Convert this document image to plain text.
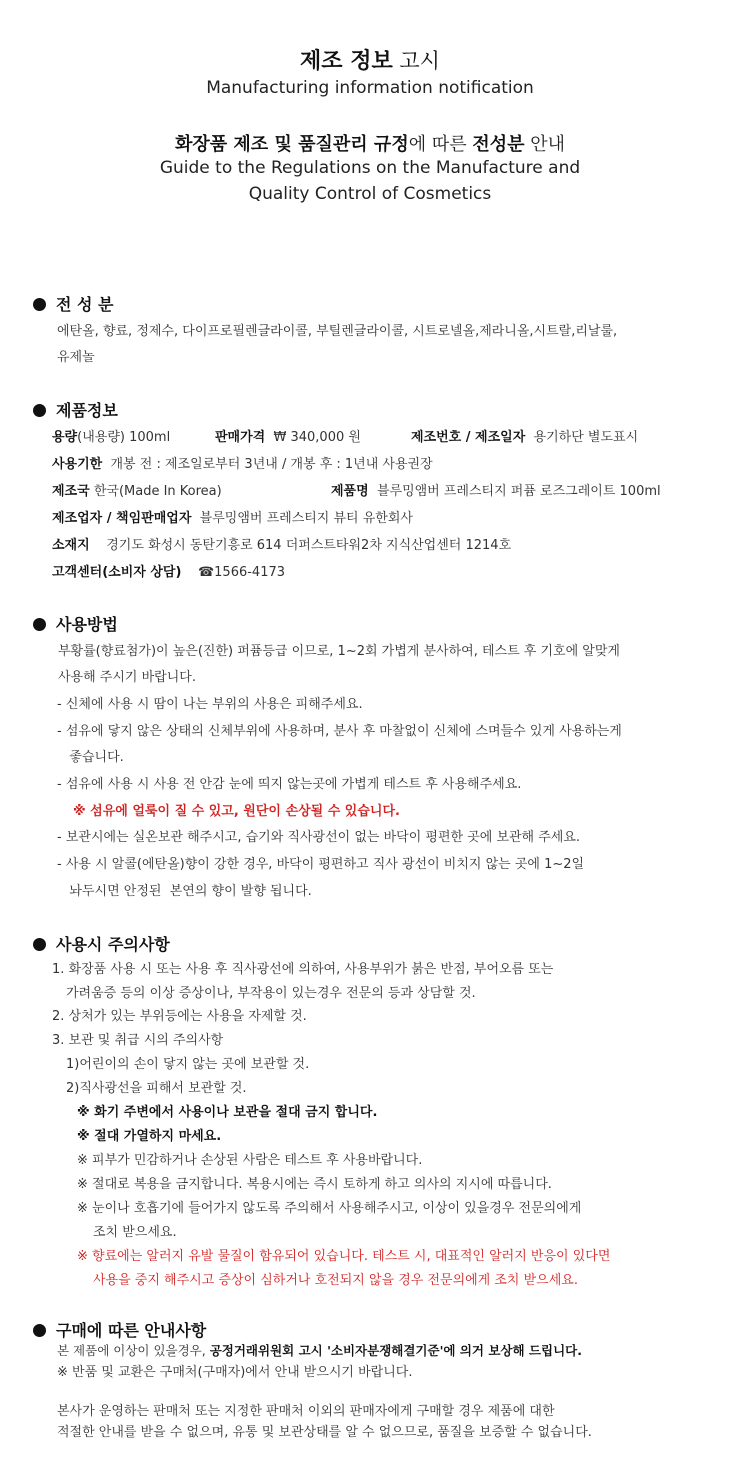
제조 정보 고시
Manufacturing information notification
화장품 제조 및 품질관리 규정에 따른 전성분 안내
Guide to the Regulations on the Manufacture and
Quality Control of Cosmetics
전 성 분
에탄올, 향료, 정제수, 다이프로필렌글라이콜, 부틸렌글라이콜, 시트로넬올,제라니올,시트랄,리날룰,
유제놀
제품정보
용량(내용량) 100ml	판매가격 ₩ 340,000 원	제조번호 / 제조일자 용기하단 별도표시
사용기한 개봉 전 : 제조일로부터 3년내 / 개봉 후 : 1년내 사용권장
제조국 한국(Made In Korea)	제품명 블루밍앰버 프레스티지 퍼퓸 로즈그레이트 100ml
제조업자 / 책임판매업자 블루밍앰버 프레스티지 뷰티 유한회사
소재지 경기도 화성시 동탄기흥로 614 더퍼스트타워2차 지식산업센터 1214호
고객센터(소비자 상담) ☎1566-4173
사용방법
부황률(향료첨가)이 높은(진한) 퍼퓸등급 이므로, 1~2회 가볍게 분사하여, 테스트 후 기호에 알맞게
사용해 주시기 바랍니다.
- 신체에 사용 시 땀이 나는 부위의 사용은 피해주세요.
- 섬유에 닿지 않은 상태의 신체부위에 사용하며, 분사 후 마찰없이 신체에 스며들수 있게 사용하는게
좋습니다.
- 섬유에 사용 시 사용 전 안감 눈에 띄지 않는곳에 가볍게 테스트 후 사용해주세요.
※ 섬유에 얼룩이 질 수 있고, 원단이 손상될 수 있습니다.
- 보관시에는 실온보관 해주시고, 습기와 직사광선이 없는 바닥이 평편한 곳에 보관해 주세요.
- 사용 시 알콜(에탄올)향이 강한 경우, 바닥이 평편하고 직사 광선이 비치지 않는 곳에 1~2일
놔두시면 안정된  본연의 향이 발향 됩니다.
사용시 주의사항
1. 화장품 사용 시 또는 사용 후 직사광선에 의하여, 사용부위가 붉은 반점, 부어오름 또는
가려움증 등의 이상 증상이나, 부작용이 있는경우 전문의 등과 상담할 것.
2. 상처가 있는 부위등에는 사용을 자제할 것.
3. 보관 및 취급 시의 주의사항
1)어린이의 손이 닿지 않는 곳에 보관할 것.
2)직사광선을 피해서 보관할 것.
※ 화기 주변에서 사용이나 보관을 절대 금지 합니다.
※ 절대 가열하지 마세요.
※ 피부가 민감하거나 손상된 사람은 테스트 후 사용바랍니다.
※ 절대로 복용을 금지합니다. 복용시에는 즉시 토하게 하고 의사의 지시에 따릅니다.
※ 눈이나 호흡기에 들어가지 않도록 주의해서 사용해주시고, 이상이 있을경우 전문의에게
조치 받으세요.
※ 향료에는 알러지 유발 물질이 함유되어 있습니다. 테스트 시, 대표적인 알러지 반응이 있다면
사용을 중지 해주시고 증상이 심하거나 호전되지 않을 경우 전문의에게 조치 받으세요.
구매에 따른 안내사항
본 제품에 이상이 있을경우, 공정거래위원회 고시 '소비자분쟁해결기준'에 의거 보상해 드립니다.
※ 반품 및 교환은 구매처(구매자)에서 안내 받으시기 바랍니다.
본사가 운영하는 판매처 또는 지정한 판매처 이외의 판매자에게 구매할 경우 제품에 대한
적절한 안내를 받을 수 없으며, 유통 및 보관상태를 알 수 없으므로, 품질을 보증할 수 없습니다.
